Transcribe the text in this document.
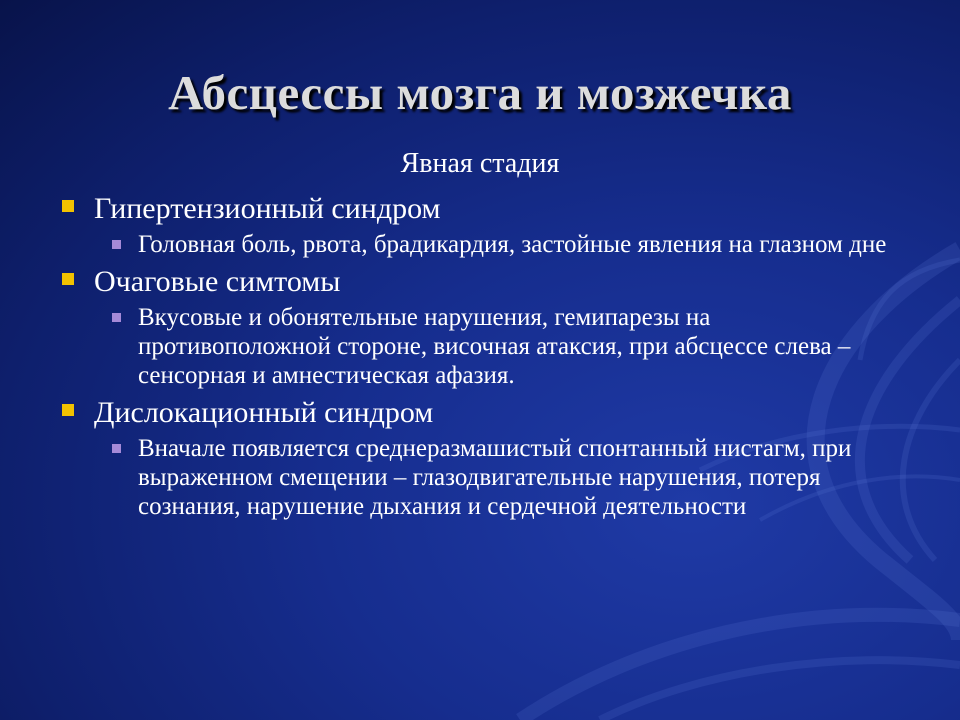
Абсцессы мозга и мозжечка
Явная стадия
Гипертензионный синдром
Головная боль, рвота, брадикардия, застойные явления на глазном дне
Очаговые симтомы
Вкусовые и обонятельные нарушения, гемипарезы на противоположной стороне, височная атаксия, при абсцессе слева – сенсорная и амнестическая афазия.
Дислокационный синдром
Вначале появляется среднеразмашистый спонтанный нистагм, при выраженном смещении – глазодвигательные нарушения, потеря сознания, нарушение дыхания и сердечной деятельности
